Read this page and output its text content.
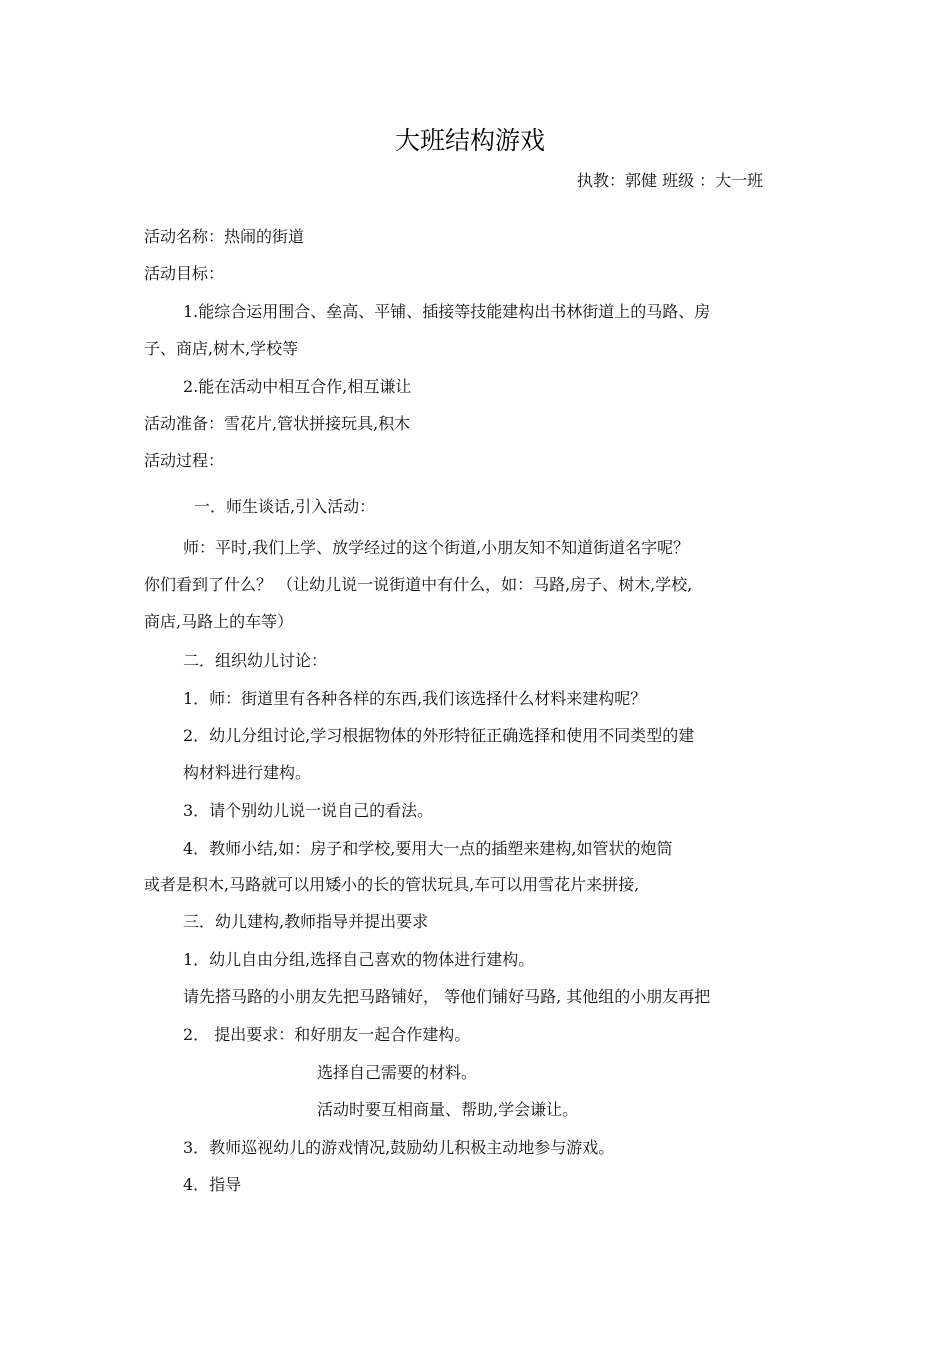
大班结构游戏
执教：郭健 班级 ：大一班
活动名称：热闹的街道
活动目标：
1.能综合运用围合、垒高、平铺、插接等技能建构出书林街道上的马路、房
子、商店,树木,学校等
2.能在活动中相互合作,相互谦让
活动准备：雪花片,管状拼接玩具,积木
活动过程：
一．师生谈话,引入活动：
师：平时,我们上学、放学经过的这个街道,小朋友知不知道街道名字呢？
你们看到了什么？ （让幼儿说一说街道中有什么，如：马路,房子、树木,学校,
商店,马路上的车等）
二．组织幼儿讨论：
1．师：街道里有各种各样的东西,我们该选择什么材料来建构呢？
2．幼儿分组讨论,学习根据物体的外形特征正确选择和使用不同类型的建
构材料进行建构。
3．请个别幼儿说一说自己的看法。
4．教师小结,如：房子和学校,要用大一点的插塑来建构,如管状的炮筒
或者是积木,马路就可以用矮小的长的管状玩具,车可以用雪花片来拼接,
三．幼儿建构,教师指导并提出要求
1．幼儿自由分组,选择自己喜欢的物体进行建构。
请先搭马路的小朋友先把马路铺好， 等他们铺好马路, 其他组的小朋友再把
2． 提出要求：和好朋友一起合作建构。
选择自己需要的材料。
活动时要互相商量、帮助,学会谦让。
3．教师巡视幼儿的游戏情况,鼓励幼儿积极主动地参与游戏。
4．指导
